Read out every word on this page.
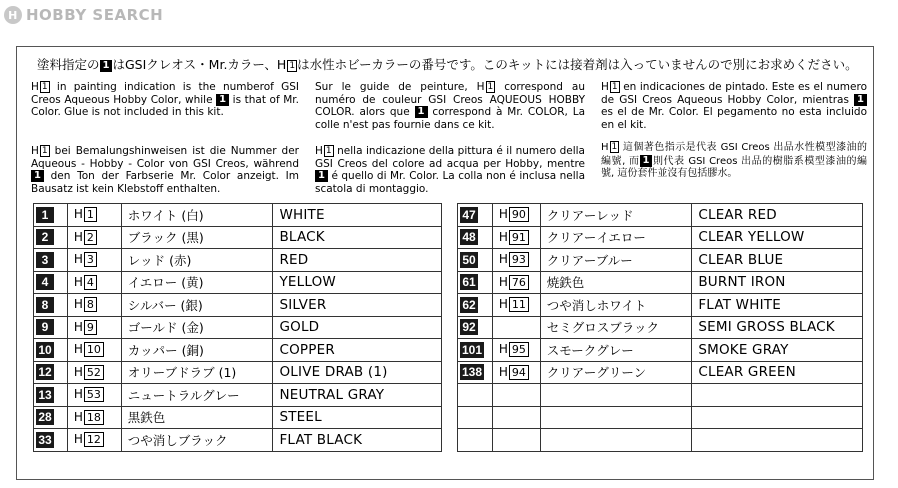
H HOBBY SEARCH
塗料指定の 1 はGSIクレオス・Mr.カラー、H 1 は水性ホビーカラーの番号です。このキットには接着剤は入っていませんので別にお求めください。
H 1 in painting indication is the numberof GSI Creos Aqueous Hobby Color, while 1 is that of Mr. Color. Glue is not included in this kit.
Sur le guide de peinture, H 1 correspond au numéro de couleur GSI Creos AQUEOUS HOBBY COLOR. alors que 1 correspond à Mr. COLOR, La colle n'est pas fournie dans ce kit.
H 1 en indicaciones de pintado. Este es el numero de GSI Creos Aqueous Hobby Color, mientras 1 es el de Mr. Color. El pegamento no esta incluido en el kit.
H 1 bei Bemalungshinweisen ist die Nummer der Aqueous - Hobby - Color von GSI Creos, während 1 den Ton der Farbserie Mr. Color anzeigt. Im Bausatz ist kein Klebstoff enthalten.
H 1 nella indicazione della pittura é il numero della GSI Creos del colore ad acqua per Hobby, mentre 1 é quello di Mr. Color. La colla non é inclusa nella scatola di montaggio.
H 1 這個著色指示是代表 GSI Creos 出品水性模型漆油的編號, 而 1 則代表 GSI Creos 出品的樹脂系模型漆油的編號, 這份套件並沒有包括膠水。
1	H 1	ホワイト (白)	WHITE
2	H 2	ブラック (黒)	BLACK
3	H 3	レッド (赤)	RED
4	H 4	イエロー (黄)	YELLOW
8	H 8	シルバー (銀)	SILVER
9	H 9	ゴールド (金)	GOLD
10	H 10	カッパー (銅)	COPPER
12	H 52	オリーブドラブ (1)	OLIVE DRAB (1)
13	H 53	ニュートラルグレー	NEUTRAL GRAY
28	H 18	黒鉄色	STEEL
33	H 12	つや消しブラック	FLAT BLACK
47	H 90	クリアーレッド	CLEAR RED
48	H 91	クリアーイエロー	CLEAR YELLOW
50	H 93	クリアーブルー	CLEAR BLUE
61	H 76	焼鉄色	BURNT IRON
62	H 11	つや消しホワイト	FLAT WHITE
92		セミグロスブラック	SEMI GROSS BLACK
101	H 95	スモークグレー	SMOKE GRAY
138	H 94	クリアーグリーン	CLEAR GREEN
